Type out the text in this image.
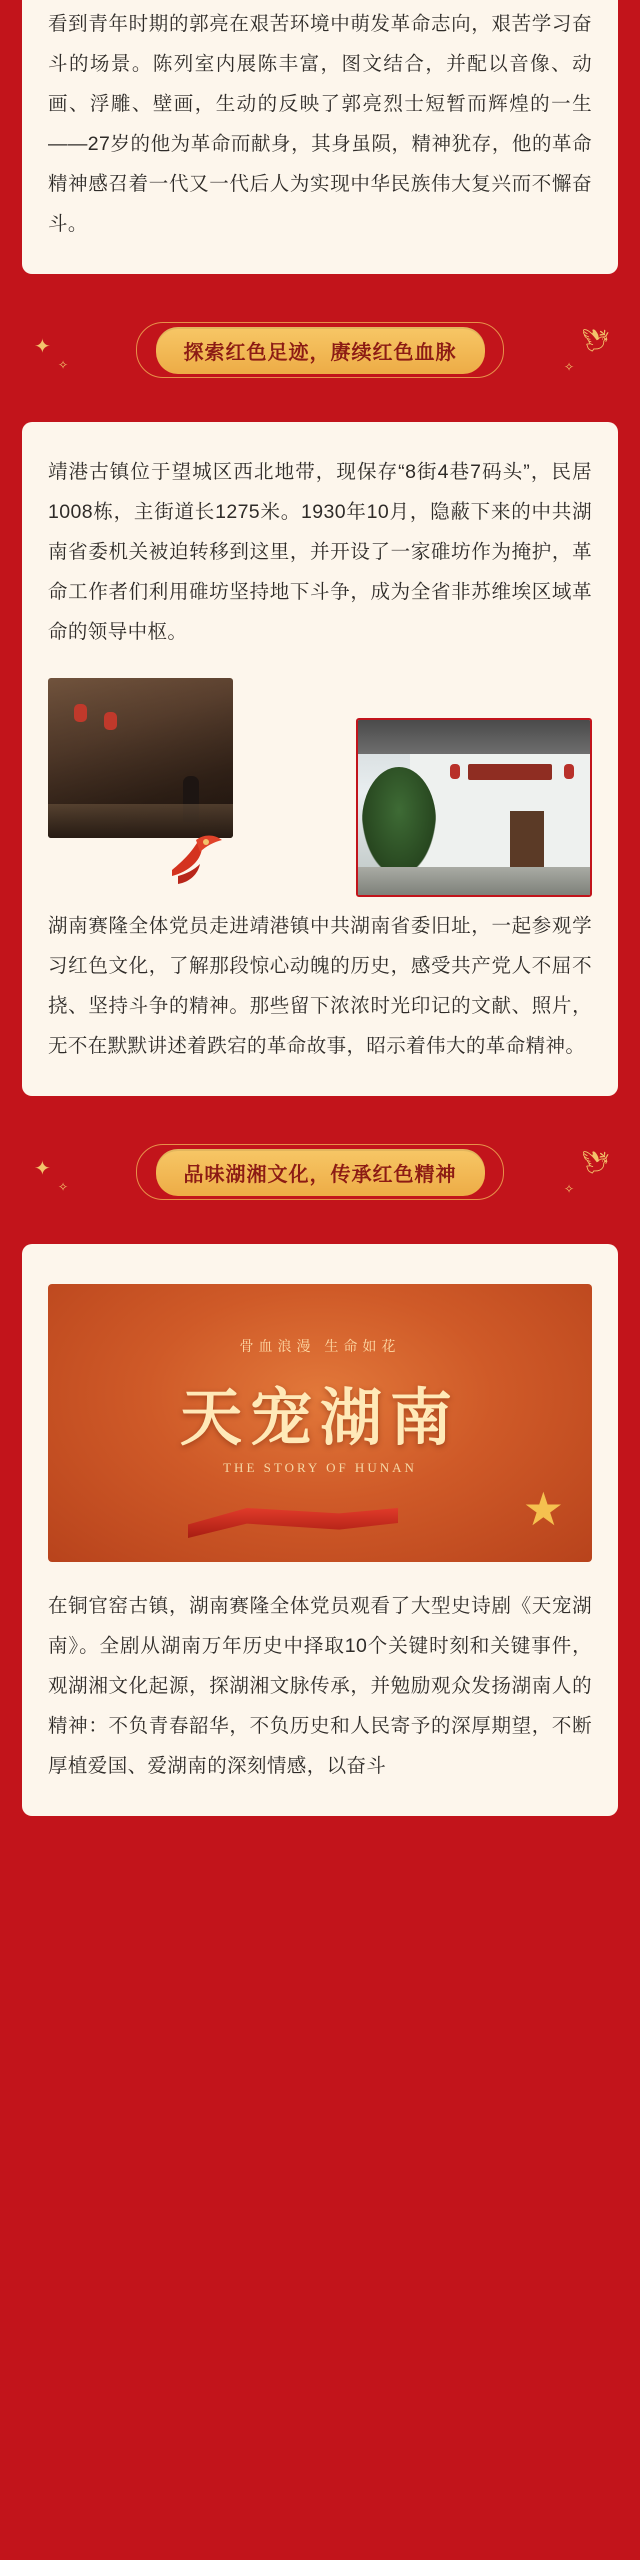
看到青年时期的郭亮在艰苦环境中萌发革命志向，艰苦学习奋斗的场景。陈列室内展陈丰富，图文结合，并配以音像、动画、浮雕、壁画，生动的反映了郭亮烈士短暂而辉煌的一生——27岁的他为革命而献身，其身虽陨，精神犹存，他的革命精神感召着一代又一代后人为实现中华民族伟大复兴而不懈奋斗。

✦
✧
探索红色足迹，赓续红色血脉	🕊
✧

靖港古镇位于望城区西北地带，现保存“8街4巷7码头”，民居1008栋，主街道长1275米。1930年10月，隐蔽下来的中共湖南省委机关被迫转移到这里，并开设了一家碓坊作为掩护，革命工作者们利用碓坊坚持地下斗争，成为全省非苏维埃区域革命的领导中枢。

湖南赛隆全体党员走进靖港镇中共湖南省委旧址，一起参观学习红色文化，了解那段惊心动魄的历史，感受共产党人不屈不挠、坚持斗争的精神。那些留下浓浓时光印记的文献、照片，无不在默默讲述着跌宕的革命故事，昭示着伟大的革命精神。

✦
✧
品味湖湘文化，传承红色精神	🕊
✧
骨血浪漫 生命如花
天宠湖南
THE STORY OF HUNAN
★

在铜官窑古镇，湖南赛隆全体党员观看了大型史诗剧《天宠湖南》。全剧从湖南万年历史中择取10个关键时刻和关键事件，观湖湘文化起源，探湖湘文脉传承，并勉励观众发扬湖南人的精神：不负青春韶华，不负历史和人民寄予的深厚期望，不断厚植爱国、爱湖南的深刻情感，以奋斗
